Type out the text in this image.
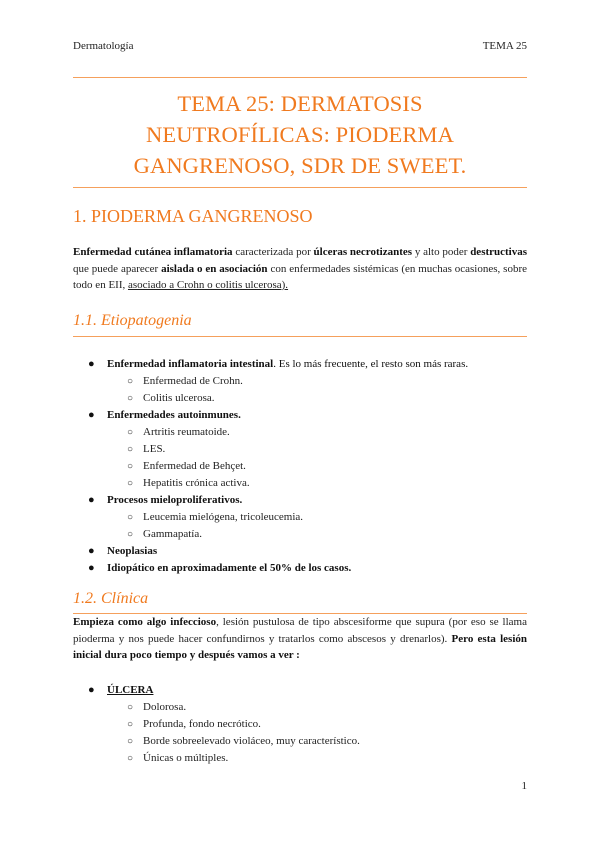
Dermatología	TEMA 25
TEMA 25: DERMATOSIS
NEUTROFÍLICAS: PIODERMA
GANGRENOSO, SDR DE SWEET.
1. PIODERMA GANGRENOSO
Enfermedad cutánea inflamatoria caracterizada por úlceras necrotizantes y alto poder destructivas que puede aparecer aislada o en asociación con enfermedades sistémicas (en muchas ocasiones, sobre todo en EII, asociado a Crohn o colitis ulcerosa).
1.1. Etiopatogenia
● Enfermedad inflamatoria intestinal. Es lo más frecuente, el resto son más raras.
○ Enfermedad de Crohn.
○ Colitis ulcerosa.
● Enfermedades autoinmunes.
○ Artritis reumatoide.
○ LES.
○ Enfermedad de Behçet.
○ Hepatitis crónica activa.
● Procesos mieloproliferativos.
○ Leucemia mielógena, tricoleucemia.
○ Gammapatía.
● Neoplasias
● Idiopático en aproximadamente el 50% de los casos.
1.2. Clínica
Empieza como algo infeccioso, lesión pustulosa de tipo abscesiforme que supura (por eso se llama pioderma y nos puede hacer confundirnos y tratarlos como abscesos y drenarlos). Pero esta lesión inicial dura poco tiempo y después vamos a ver :
● ÚLCERA
○ Dolorosa.
○ Profunda, fondo necrótico.
○ Borde sobreelevado violáceo, muy característico.
○ Únicas o múltiples.
1
